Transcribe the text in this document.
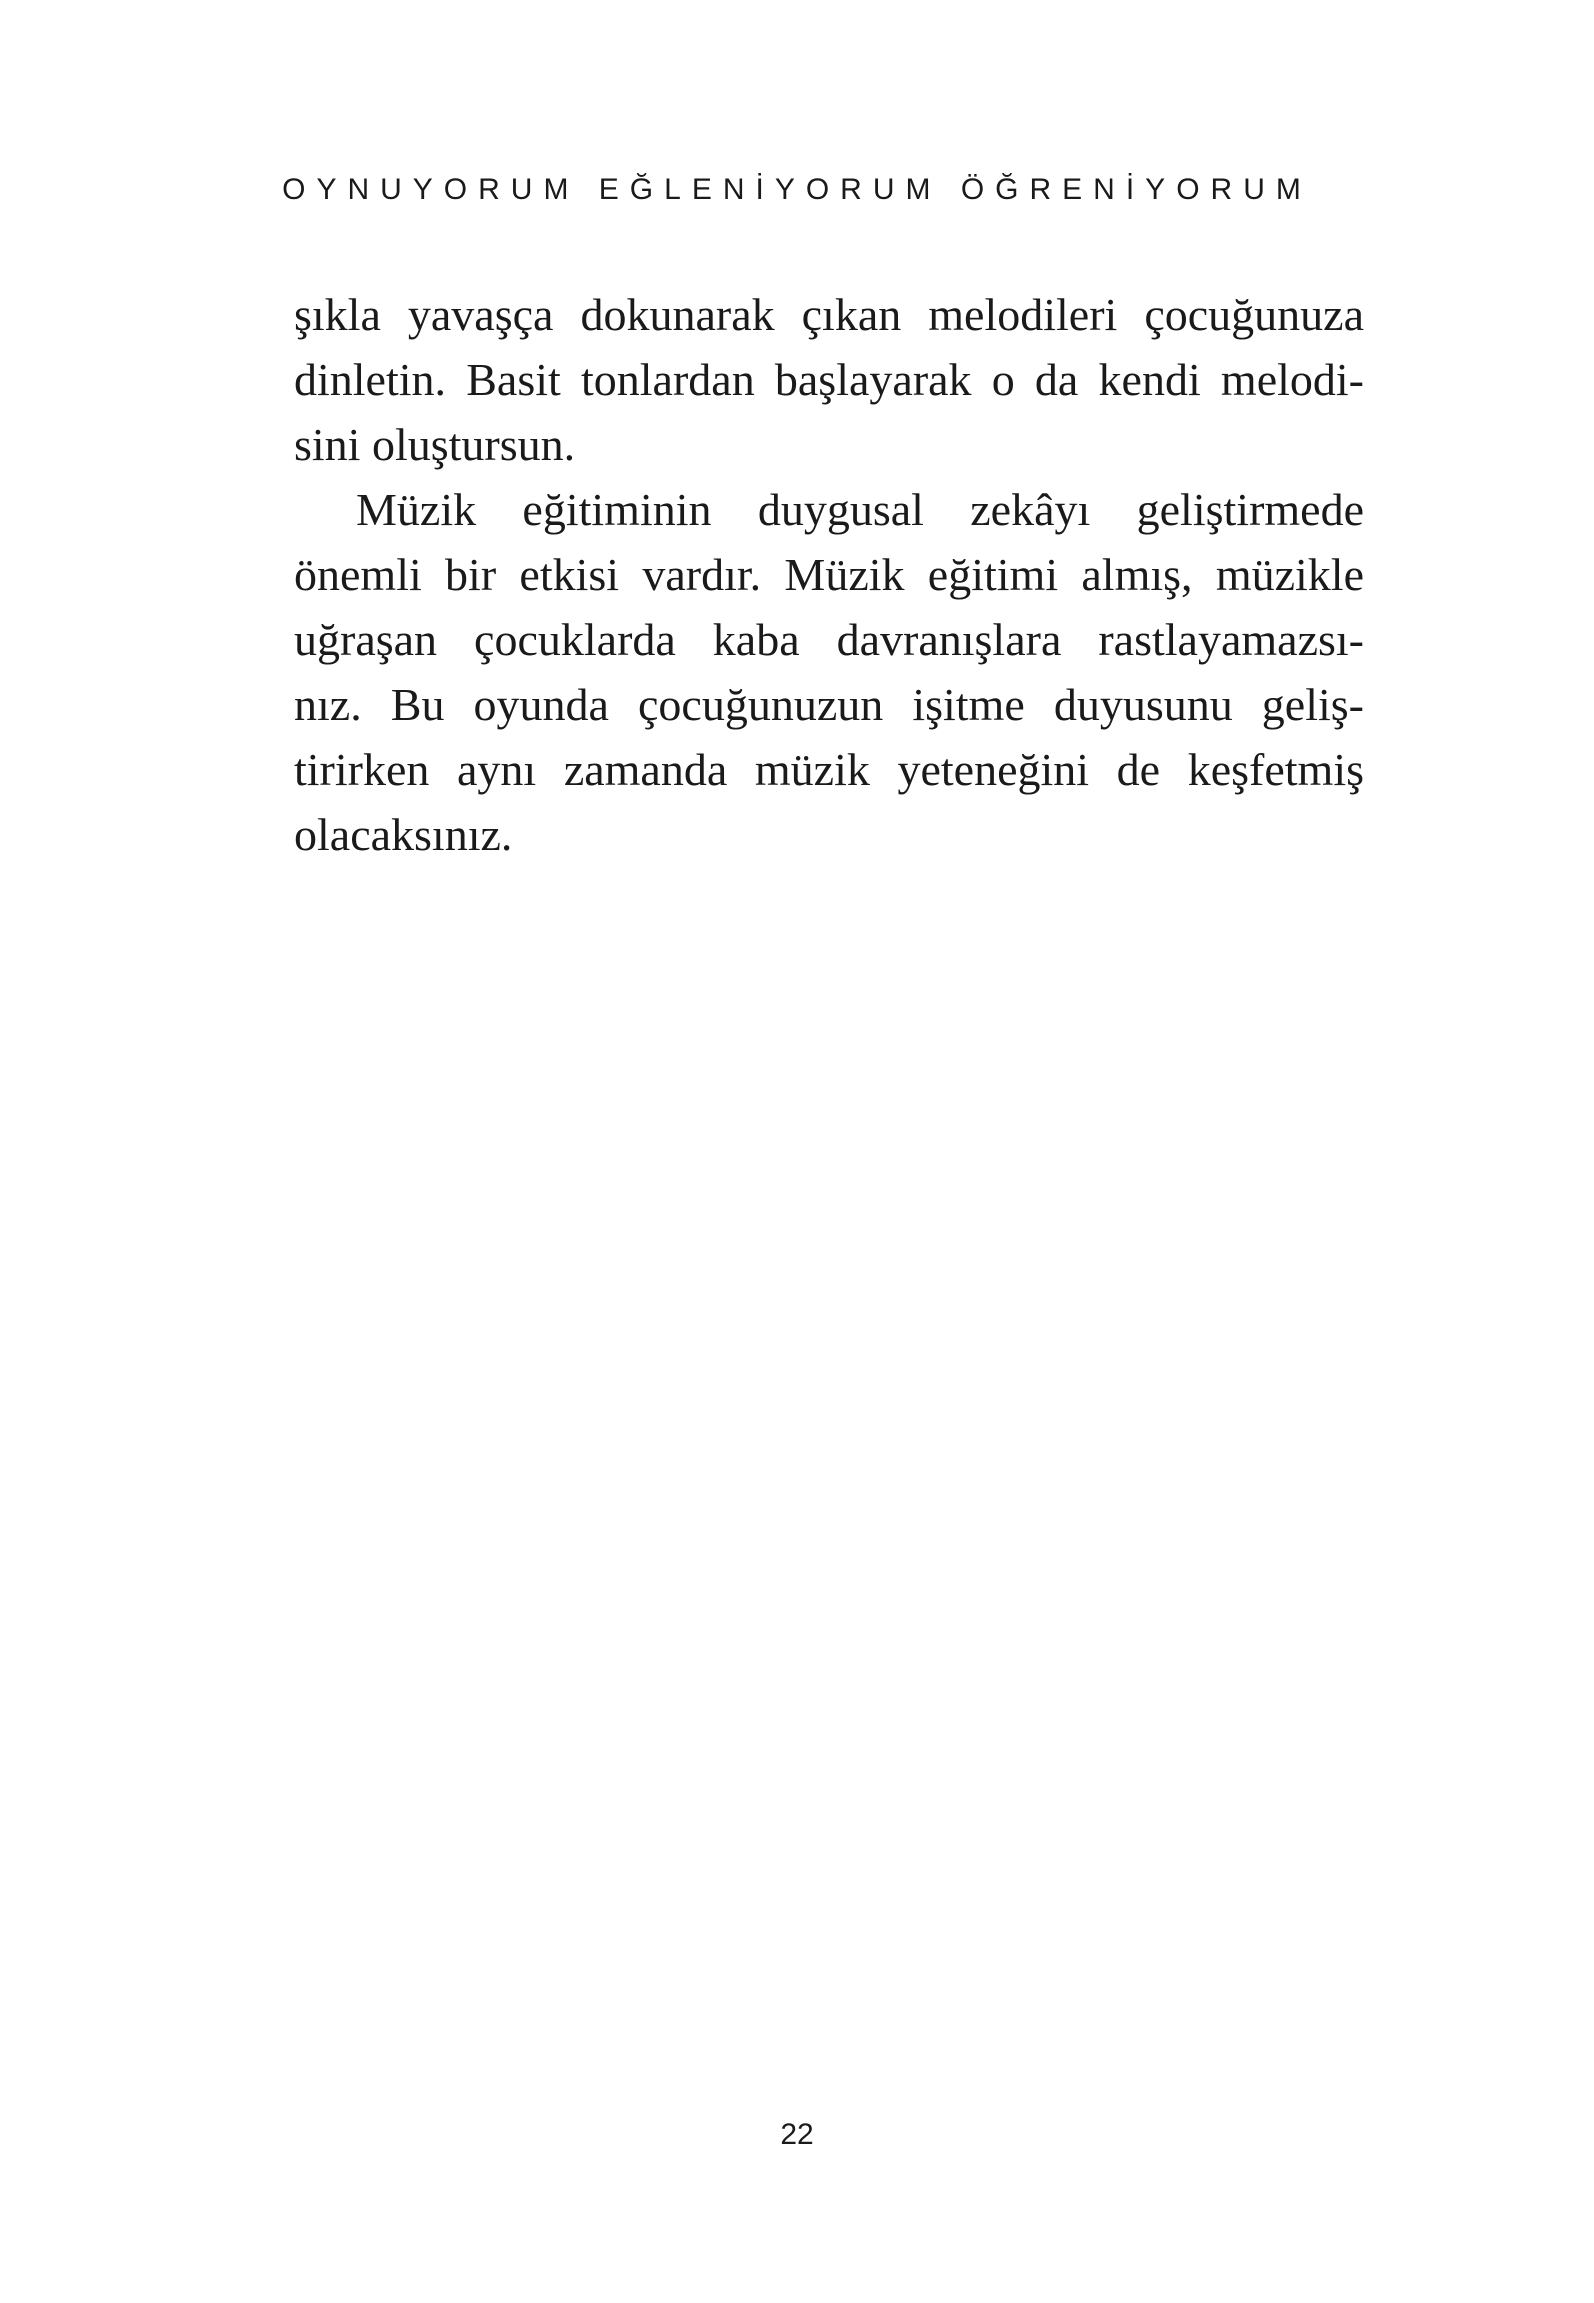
OYNUYORUM EĞLENİYORUM ÖĞRENİYORUM
şıkla yavaşça dokunarak çıkan melodileri çocuğunuza
dinletin. Basit tonlardan başlayarak o da kendi melodi-
sini oluştursun.
Müzik eğitiminin duygusal zekâyı geliştirmede
önemli bir etkisi vardır. Müzik eğitimi almış, müzikle
uğraşan çocuklarda kaba davranışlara rastlayamazsı-
nız. Bu oyunda çocuğunuzun işitme duyusunu geliş-
tirirken aynı zamanda müzik yeteneğini de keşfetmiş
olacaksınız.
22
